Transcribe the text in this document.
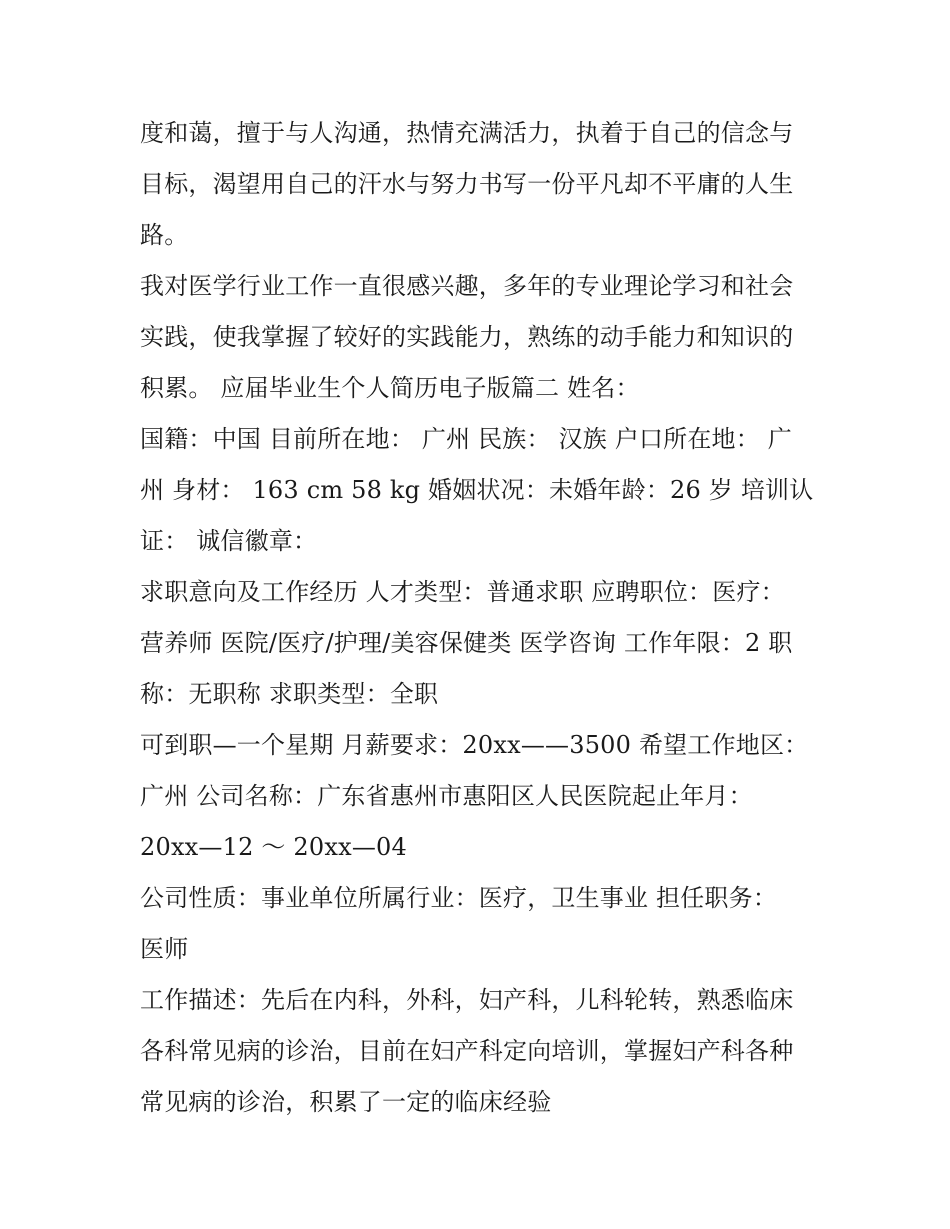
度和蔼，擅于与人沟通，热情充满活力，执着于自己的信念与
目标，渴望用自己的汗水与努力书写一份平凡却不平庸的人生
路。
我对医学行业工作一直很感兴趣，多年的专业理论学习和社会
实践，使我掌握了较好的实践能力，熟练的动手能力和知识的
积累。 应届毕业生个人简历电子版篇二 姓名：
国籍：中国 目前所在地： 广州 民族： 汉族 户口所在地： 广
州 身材： 163 cm 58 kg 婚姻状况：未婚年龄：26 岁 培训认
证： 诚信徽章：
求职意向及工作经历 人才类型：普通求职 应聘职位：医疗：
营养师 医院/医疗/护理/美容保健类 医学咨询 工作年限：2 职
称：无职称 求职类型：全职
可到职—一个星期 月薪要求：20xx——3500 希望工作地区：
广州 公司名称：广东省惠州市惠阳区人民医院起止年月：
20xx—12 ～ 20xx—04
公司性质：事业单位所属行业：医疗，卫生事业 担任职务：
医师
工作描述：先后在内科，外科，妇产科，儿科轮转，熟悉临床
各科常见病的诊治，目前在妇产科定向培训，掌握妇产科各种
常见病的诊治，积累了一定的临床经验
